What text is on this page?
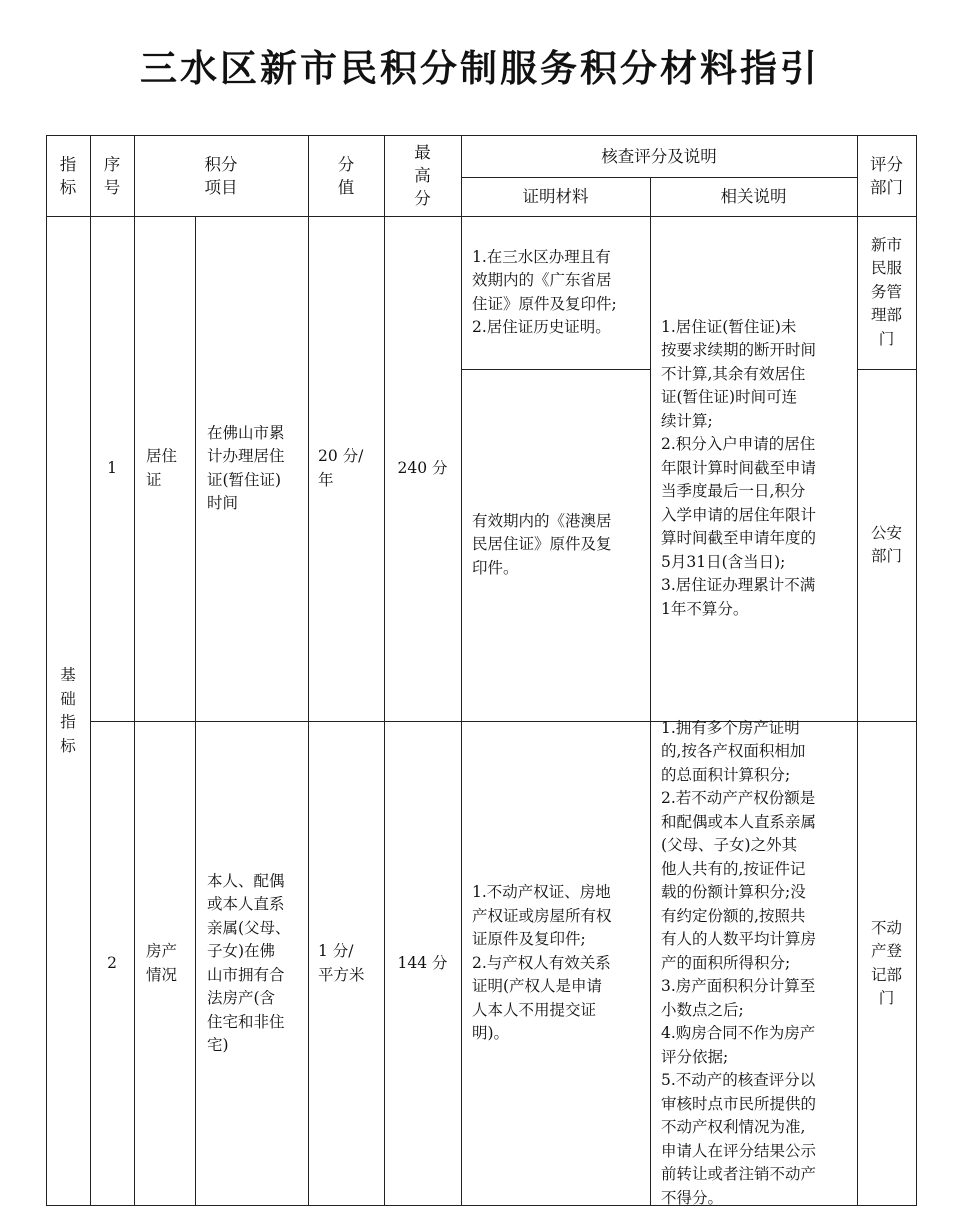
三水区新市民积分制服务积分材料指引
指
标
序
号
积分
项目
分
值
最
高
分
核查评分及说明
证明材料	相关说明
评分
部门
基
础
指
标
1
居住
证
在佛山市累
计办理居住
证(暂住证)
时间
20 分/
年
240 分
1.在三水区办理且有
效期内的《广东省居
住证》原件及复印件;
2.居住证历史证明。
有效期内的《港澳居
民居住证》原件及复
印件。
1.居住证(暂住证)未
按要求续期的断开时间
不计算,其余有效居住
证(暂住证)时间可连
续计算;
2.积分入户申请的居住
年限计算时间截至申请
当季度最后一日,积分
入学申请的居住年限计
算时间截至申请年度的
5月31日(含当日);
3.居住证办理累计不满
1年不算分。
新市
民服
务管
理部
门
公安
部门
2
房产
情况
本人、配偶
或本人直系
亲属(父母、
子女)在佛
山市拥有合
法房产(含
住宅和非住
宅)
1 分/
平方米
144 分
1.不动产权证、房地
产权证或房屋所有权
证原件及复印件;
2.与产权人有效关系
证明(产权人是申请
人本人不用提交证
明)。
1.拥有多个房产证明
的,按各产权面积相加
的总面积计算积分;
2.若不动产产权份额是
和配偶或本人直系亲属
(父母、子女)之外其
他人共有的,按证件记
载的份额计算积分;没
有约定份额的,按照共
有人的人数平均计算房
产的面积所得积分;
3.房产面积积分计算至
小数点之后;
4.购房合同不作为房产
评分依据;
5.不动产的核查评分以
审核时点市民所提供的
不动产权利情况为准,
申请人在评分结果公示
前转让或者注销不动产
不得分。
不动
产登
记部
门
